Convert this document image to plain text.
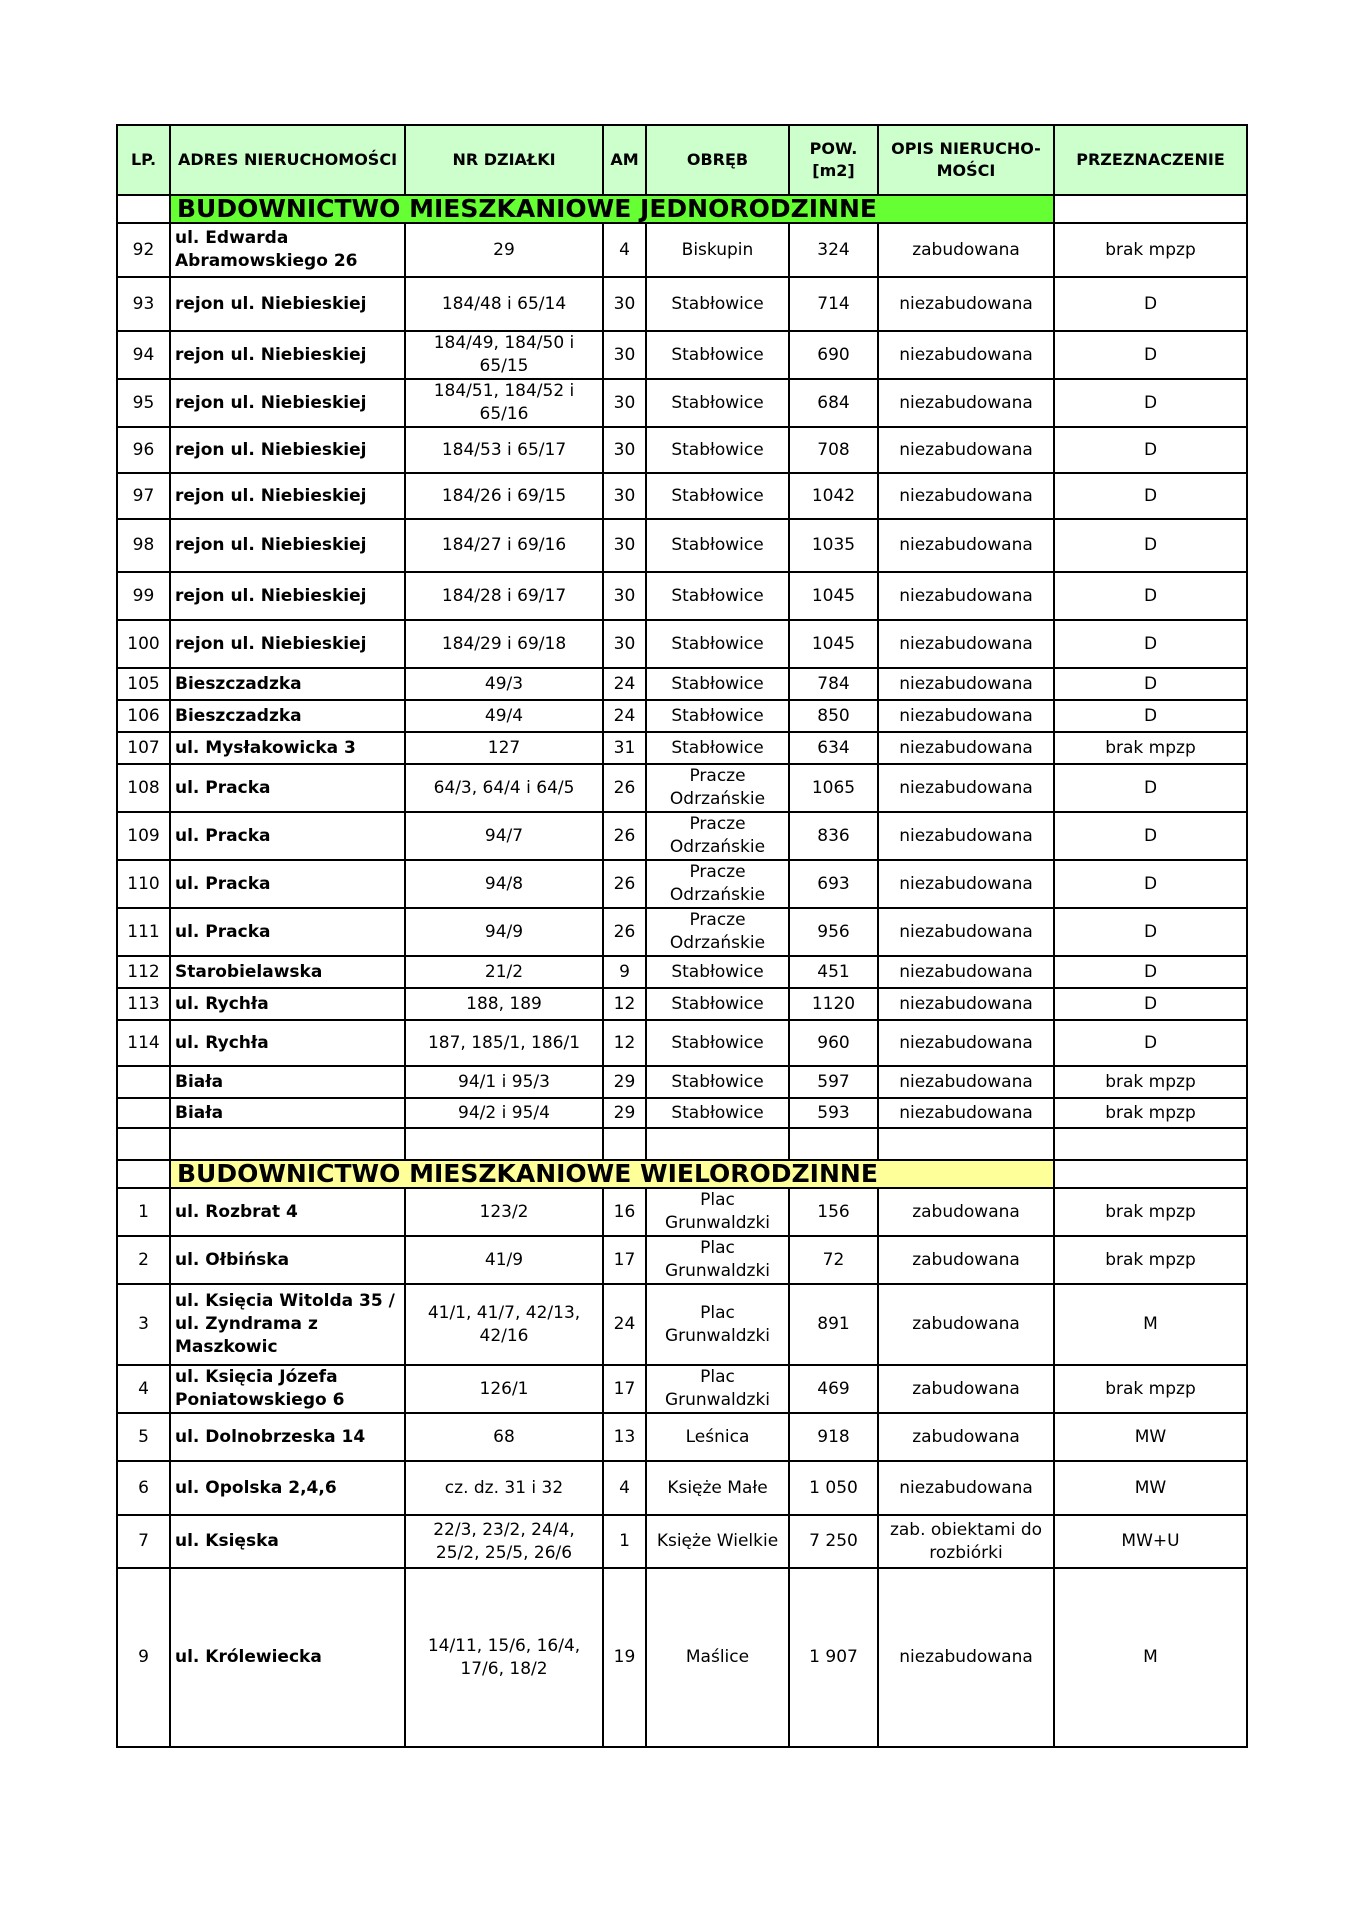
LP.	ADRES NIERUCHOMOŚCI	NR DZIAŁKI	AM	OBRĘB	POW. [m2]	OPIS NIERUCHO-MOŚCI	PRZEZNACZENIE
	BUDOWNICTWO MIESZKANIOWE JEDNORODZINNE						
92	ul. Edwarda Abramowskiego 26	29	4	Biskupin	324	zabudowana	brak mpzp
93	rejon ul. Niebieskiej	184/48 i 65/14	30	Stabłowice	714	niezabudowana	D
94	rejon ul. Niebieskiej	184/49, 184/50 i 65/15	30	Stabłowice	690	niezabudowana	D
95	rejon ul. Niebieskiej	184/51, 184/52 i 65/16	30	Stabłowice	684	niezabudowana	D
96	rejon ul. Niebieskiej	184/53 i 65/17	30	Stabłowice	708	niezabudowana	D
97	rejon ul. Niebieskiej	184/26 i 69/15	30	Stabłowice	1042	niezabudowana	D
98	rejon ul. Niebieskiej	184/27 i 69/16	30	Stabłowice	1035	niezabudowana	D
99	rejon ul. Niebieskiej	184/28 i 69/17	30	Stabłowice	1045	niezabudowana	D
100	rejon ul. Niebieskiej	184/29 i 69/18	30	Stabłowice	1045	niezabudowana	D
105	Bieszczadzka	49/3	24	Stabłowice	784	niezabudowana	D
106	Bieszczadzka	49/4	24	Stabłowice	850	niezabudowana	D
107	ul. Mysłakowicka 3	127	31	Stabłowice	634	niezabudowana	brak mpzp
108	ul. Pracka	64/3, 64/4 i 64/5	26	Pracze Odrzańskie	1065	niezabudowana	D
109	ul. Pracka	94/7	26	Pracze Odrzańskie	836	niezabudowana	D
110	ul. Pracka	94/8	26	Pracze Odrzańskie	693	niezabudowana	D
111	ul. Pracka	94/9	26	Pracze Odrzańskie	956	niezabudowana	D
112	Starobielawska	21/2	9	Stabłowice	451	niezabudowana	D
113	ul. Rychła	188, 189	12	Stabłowice	1120	niezabudowana	D
114	ul. Rychła	187, 185/1, 186/1	12	Stabłowice	960	niezabudowana	D
	Biała	94/1 i 95/3	29	Stabłowice	597	niezabudowana	brak mpzp
	Biała	94/2 i 95/4	29	Stabłowice	593	niezabudowana	brak mpzp

	BUDOWNICTWO MIESZKANIOWE WIELORODZINNE						
1	ul. Rozbrat 4	123/2	16	Plac Grunwaldzki	156	zabudowana	brak mpzp
2	ul. Ołbińska	41/9	17	Plac Grunwaldzki	72	zabudowana	brak mpzp
3	ul. Księcia Witolda 35 / ul. Zyndrama z Maszkowic	41/1, 41/7, 42/13, 42/16	24	Plac Grunwaldzki	891	zabudowana	M
4	ul. Księcia Józefa Poniatowskiego 6	126/1	17	Plac Grunwaldzki	469	zabudowana	brak mpzp
5	ul. Dolnobrzeska 14	68	13	Leśnica	918	zabudowana	MW
6	ul. Opolska 2,4,6	cz. dz. 31 i 32	4	Księże Małe	1 050	niezabudowana	MW
7	ul. Księska	22/3, 23/2, 24/4, 25/2, 25/5, 26/6	1	Księże Wielkie	7 250	zab. obiektami do rozbiórki	MW+U
9	ul. Królewiecka	14/11, 15/6, 16/4, 17/6, 18/2	19	Maślice	1 907	niezabudowana	M
